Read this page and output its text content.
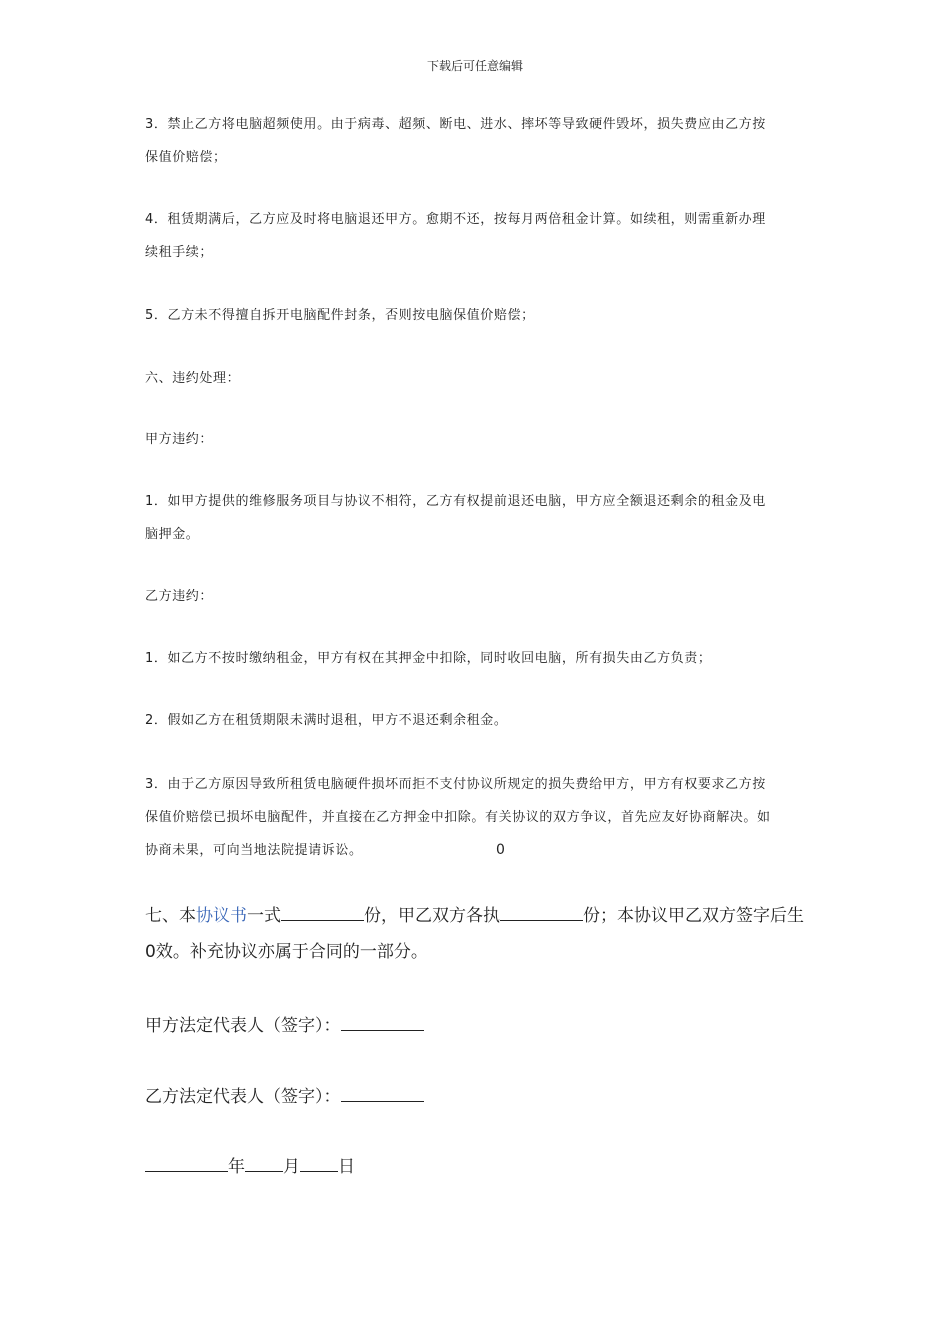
下载后可任意编辑
3．禁止乙方将电脑超频使用。由于病毒、超频、断电、进水、摔坏等导致硬件毁坏，损失费应由乙方按
保值价赔偿；
4．租赁期满后，乙方应及时将电脑退还甲方。愈期不还，按每月两倍租金计算。如续租，则需重新办理
续租手续；
5．乙方未不得擅自拆开电脑配件封条，否则按电脑保值价赔偿；
六、违约处理：
甲方违约：
1．如甲方提供的维修服务项目与协议不相符，乙方有权提前退还电脑，甲方应全额退还剩余的租金及电
脑押金。
乙方违约：
1．如乙方不按时缴纳租金，甲方有权在其押金中扣除，同时收回电脑，所有损失由乙方负责；
2．假如乙方在租赁期限未满时退租，甲方不退还剩余租金。
3．由于乙方原因导致所租赁电脑硬件损坏而拒不支付协议所规定的损失费给甲方，甲方有权要求乙方按
保值价赔偿已损坏电脑配件，并直接在乙方押金中扣除。有关协议的双方争议，首先应友好协商解决。如
协商未果，可向当地法院提请诉讼。	0
七、本协议书一式	份，甲乙双方各执	份；本协议甲乙双方签字后生
0效。补充协议亦属于合同的一部分。
甲方法定代表人（签字）：
乙方法定代表人（签字）：
年 月 日
